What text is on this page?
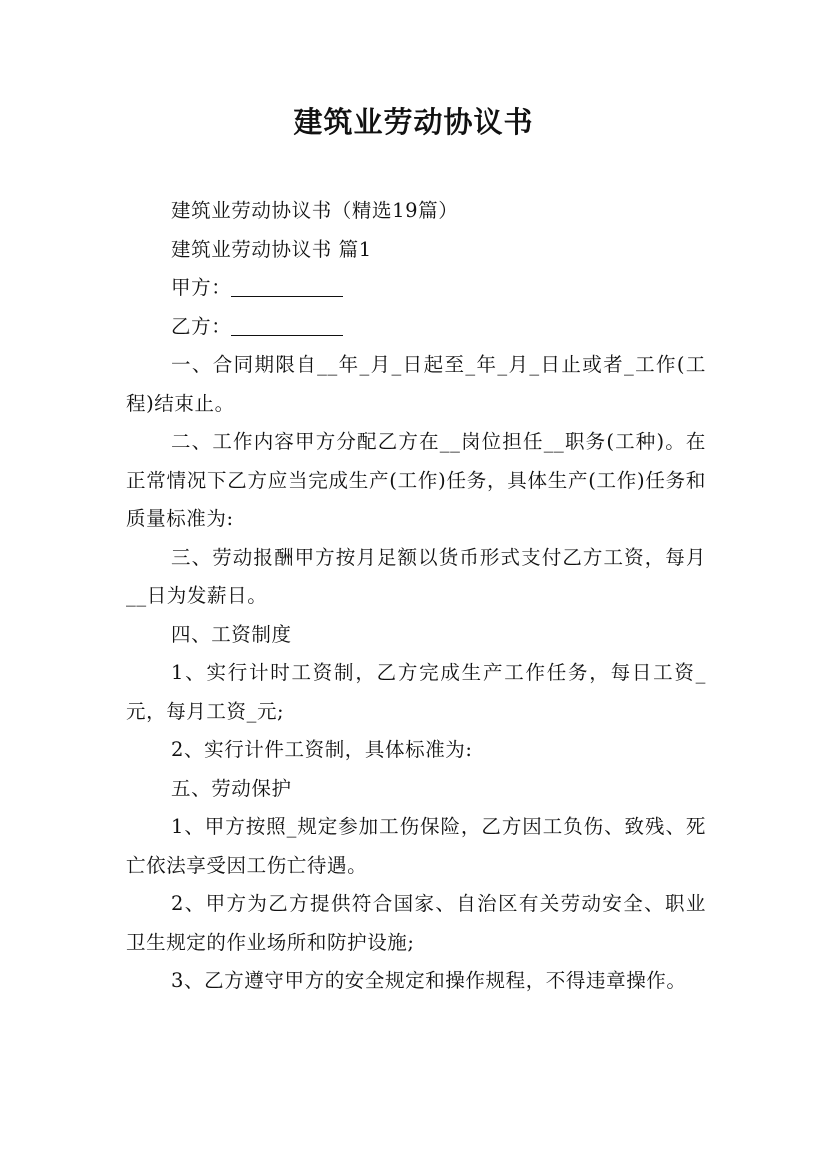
建筑业劳动协议书

建筑业劳动协议书（精选19篇）

建筑业劳动协议书 篇1

甲方：

乙方：

一、合同期限自__年_月_日起至_年_月_日止或者_工作(工程)结束止。

二、工作内容甲方分配乙方在__岗位担任__职务(工种)。在正常情况下乙方应当完成生产(工作)任务，具体生产(工作)任务和质量标准为:

三、劳动报酬甲方按月足额以货币形式支付乙方工资，每月__日为发薪日。

四、工资制度

1、实行计时工资制，乙方完成生产工作任务，每日工资_元，每月工资_元;

2、实行计件工资制，具体标准为:

五、劳动保护

1、甲方按照_规定参加工伤保险，乙方因工负伤、致残、死亡依法享受因工伤亡待遇。

2、甲方为乙方提供符合国家、自治区有关劳动安全、职业卫生规定的作业场所和防护设施;

3、乙方遵守甲方的安全规定和操作规程，不得违章操作。
